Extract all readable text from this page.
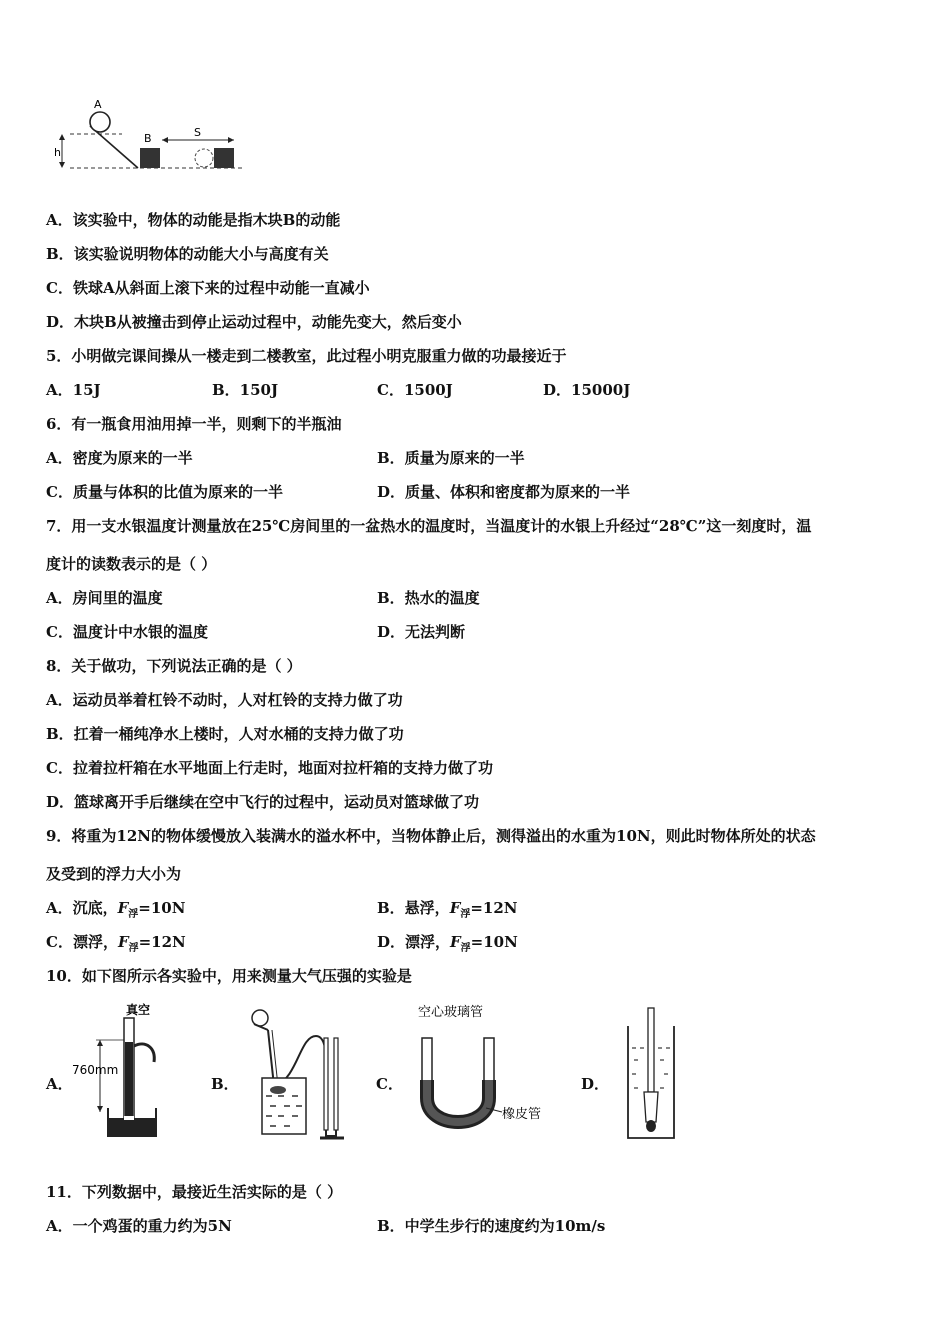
A
h
B	S
A．该实验中，物体的动能是指木块B的动能
B．该实验说明物体的动能大小与高度有关
C．铁球A从斜面上滚下来的过程中动能一直减小
D．木块B从被撞击到停止运动过程中，动能先变大，然后变小
5．小明做完课间操从一楼走到二楼教室，此过程小明克服重力做的功最接近于
A．15J	B．150J	C．1500J	D．15000J
6．有一瓶食用油用掉一半，则剩下的半瓶油
A．密度为原来的一半	B．质量为原来的一半
C．质量与体积的比值为原来的一半	D．质量、体积和密度都为原来的一半
7．用一支水银温度计测量放在25℃房间里的一盆热水的温度时，当温度计的水银上升经过“28℃”这一刻度时，温
度计的读数表示的是（ ）
A．房间里的温度	B．热水的温度
C．温度计中水银的温度	D．无法判断
8．关于做功，下列说法正确的是（ ）
A．运动员举着杠铃不动时，人对杠铃的支持力做了功
B．扛着一桶纯净水上楼时，人对水桶的支持力做了功
C．拉着拉杆箱在水平地面上行走时，地面对拉杆箱的支持力做了功
D．篮球离开手后继续在空中飞行的过程中，运动员对篮球做了功
9．将重为12N的物体缓慢放入装满水的溢水杯中，当物体静止后，测得溢出的水重为10N，则此时物体所处的状态
及受到的浮力大小为
A．沉底，$F_浮=10N$	B．悬浮，$F_浮=12N$
C．漂浮，$F_浮=12N$	D．漂浮，$F_浮=10N$
10．如下图所示各实验中，用来测量大气压强的实验是
A．
真空
760mm
B．	C．
空心玻璃管
橡皮管
D．
11．下列数据中，最接近生活实际的是（ ）
A．一个鸡蛋的重力约为5N	B．中学生步行的速度约为10m/s
